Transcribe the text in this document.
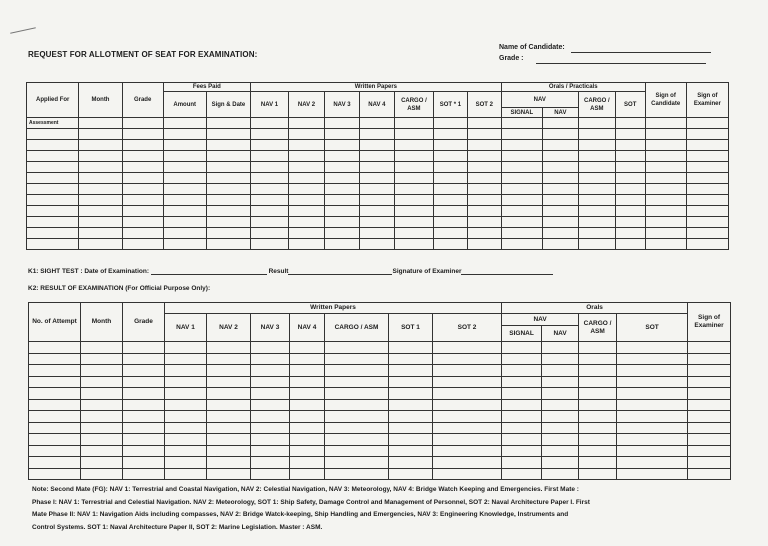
REQUEST FOR ALLOTMENT OF SEAT FOR EXAMINATION:
Name of Candidate:
Grade :
Applied For	Month	Grade	Fees Paid		Written Papers							Orals / Practicals				Sign of Candidate	Sign of Examiner
			Amount	Sign & Date	NAV 1	NAV 2	NAV 3	NAV 4	CARGO / ASM	SOT * 1	SOT 2	NAV		CARGO / ASM	SOT		
												SIGNAL	NAV				
Assessment																	

K1: SIGHT TEST : Date of Examination:	Result	Signature of Examiner
K2: RESULT OF EXAMINATION (For Official Purpose Only):
No. of Attempt	Month	Grade	Written Papers							Orals				Sign of Examiner
			NAV 1	NAV 2	NAV 3	NAV 4	CARGO / ASM	SOT 1	SOT 2	NAV		CARGO / ASM	SOT	
										SIGNAL	NAV			

Note: Second Mate (FG): NAV 1: Terrestrial and Coastal Navigation, NAV 2: Celestial Navigation, NAV 3: Meteorology, NAV 4: Bridge Watch Keeping and Emergencies. First Mate :
Phase I: NAV 1: Terrestrial and Celestial Navigation. NAV 2: Meteorology, SOT 1: Ship Safety, Damage Control and Management of Personnel, SOT 2: Naval Architecture Paper I. First
Mate Phase II: NAV 1: Navigation Aids including compasses, NAV 2: Bridge Watck-keeping, Ship Handling and Emergencies, NAV 3: Engineering Knowledge, Instruments and
Control Systems. SOT 1: Naval Architecture Paper II, SOT 2: Marine Legislation. Master : ASM.
